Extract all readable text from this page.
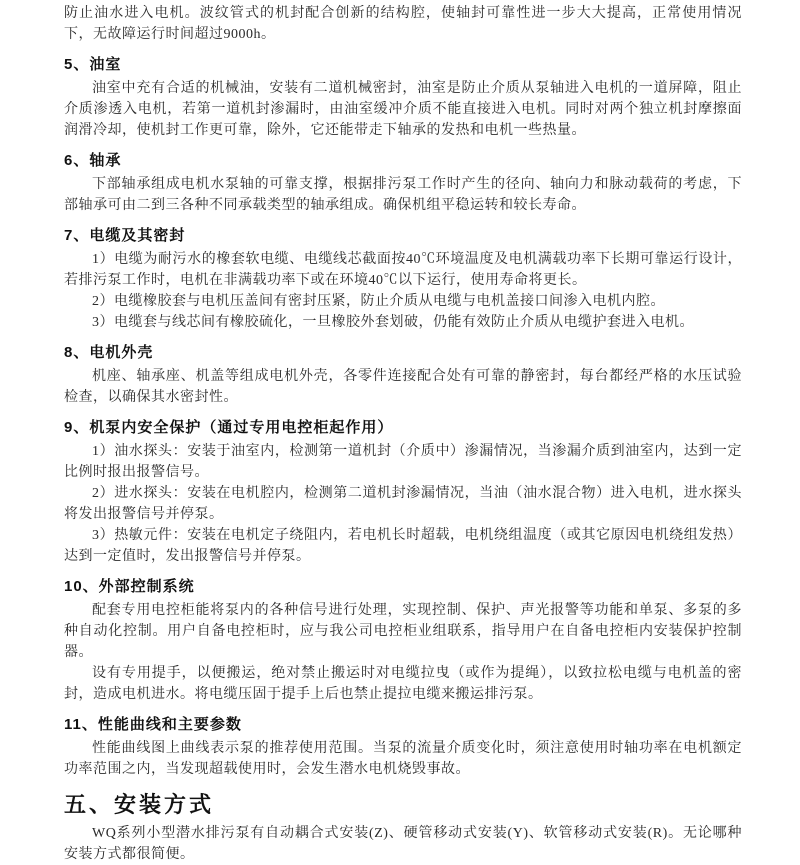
防止油水进入电机。波纹管式的机封配合创新的结构腔，使轴封可靠性进一步大大提高，正常使用情况下，无故障运行时间超过9000h。

5、油室

油室中充有合适的机械油，安装有二道机械密封，油室是防止介质从泵轴进入电机的一道屏障，阻止介质渗透入电机，若第一道机封渗漏时，由油室缓冲介质不能直接进入电机。同时对两个独立机封摩擦面润滑冷却，使机封工作更可靠，除外，它还能带走下轴承的发热和电机一些热量。

6、轴承

下部轴承组成电机水泵轴的可靠支撑，根据排污泵工作时产生的径向、轴向力和脉动载荷的考虑，下部轴承可由二到三各种不同承载类型的轴承组成。确保机组平稳运转和较长寿命。

7、电缆及其密封

1）电缆为耐污水的橡套软电缆、电缆线芯截面按40℃环境温度及电机满载功率下长期可靠运行设计，若排污泵工作时，电机在非满载功率下或在环境40℃以下运行，使用寿命将更长。

2）电缆橡胶套与电机压盖间有密封压紧，防止介质从电缆与电机盖接口间渗入电机内腔。

3）电缆套与线芯间有橡胶硫化，一旦橡胶外套划破，仍能有效防止介质从电缆护套进入电机。

8、电机外壳

机座、轴承座、机盖等组成电机外壳，各零件连接配合处有可靠的静密封，每台都经严格的水压试验检查，以确保其水密封性。

9、机泵内安全保护（通过专用电控柜起作用）

1）油水探头：安装于油室内，检测第一道机封（介质中）渗漏情况，当渗漏介质到油室内，达到一定比例时报出报警信号。

2）进水探头：安装在电机腔内，检测第二道机封渗漏情况，当油（油水混合物）进入电机，进水探头将发出报警信号并停泵。

3）热敏元件：安装在电机定子绕阻内，若电机长时超载，电机绕组温度（或其它原因电机绕组发热）达到一定值时，发出报警信号并停泵。

10、外部控制系统

配套专用电控柜能将泵内的各种信号进行处理，实现控制、保护、声光报警等功能和单泵、多泵的多种自动化控制。用户自备电控柜时，应与我公司电控柜业组联系，指导用户在自备电控柜内安装保护控制器。

设有专用提手，以便搬运，绝对禁止搬运时对电缆拉曳（或作为提绳），以致拉松电缆与电机盖的密封，造成电机进水。将电缆压固于提手上后也禁止提拉电缆来搬运排污泵。

11、性能曲线和主要参数

性能曲线图上曲线表示泵的推荐使用范围。当泵的流量介质变化时，须注意使用时轴功率在电机额定功率范围之内，当发现超载使用时，会发生潜水电机烧毁事故。

五、安装方式

WQ系列小型潜水排污泵有自动耦合式安装(Z)、硬管移动式安装(Y)、软管移动式安装(R)。无论哪种安装方式都很简便。
